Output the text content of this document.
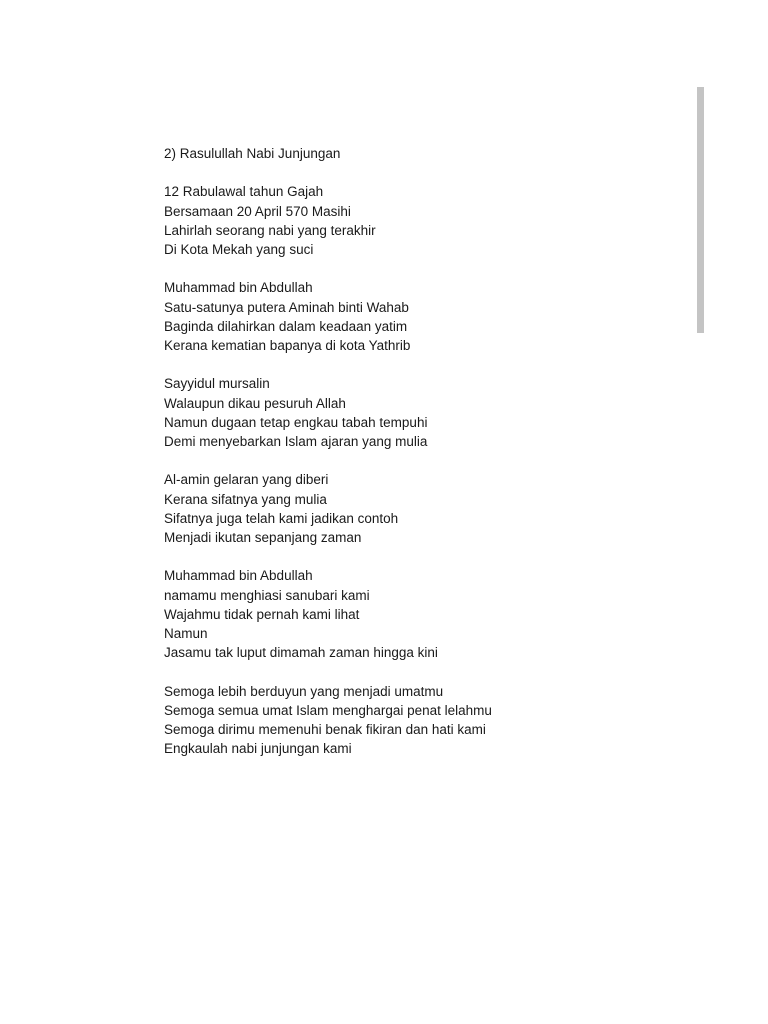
2) Rasulullah Nabi Junjungan
12 Rabulawal tahun Gajah
Bersamaan 20 April 570 Masihi
Lahirlah seorang nabi yang terakhir
Di Kota Mekah yang suci
Muhammad bin Abdullah
Satu-satunya putera Aminah binti Wahab
Baginda dilahirkan dalam keadaan yatim
Kerana kematian bapanya di kota Yathrib
Sayyidul mursalin
Walaupun dikau pesuruh Allah
Namun dugaan tetap engkau tabah tempuhi
Demi menyebarkan Islam ajaran yang mulia
Al-amin gelaran yang diberi
Kerana sifatnya yang mulia
Sifatnya juga telah kami jadikan contoh
Menjadi ikutan sepanjang zaman
Muhammad bin Abdullah
namamu menghiasi sanubari kami
Wajahmu tidak pernah kami lihat
Namun
Jasamu tak luput dimamah zaman hingga kini
Semoga lebih berduyun yang menjadi umatmu
Semoga semua umat Islam menghargai penat lelahmu
Semoga dirimu memenuhi benak fikiran dan hati kami
Engkaulah nabi junjungan kami
